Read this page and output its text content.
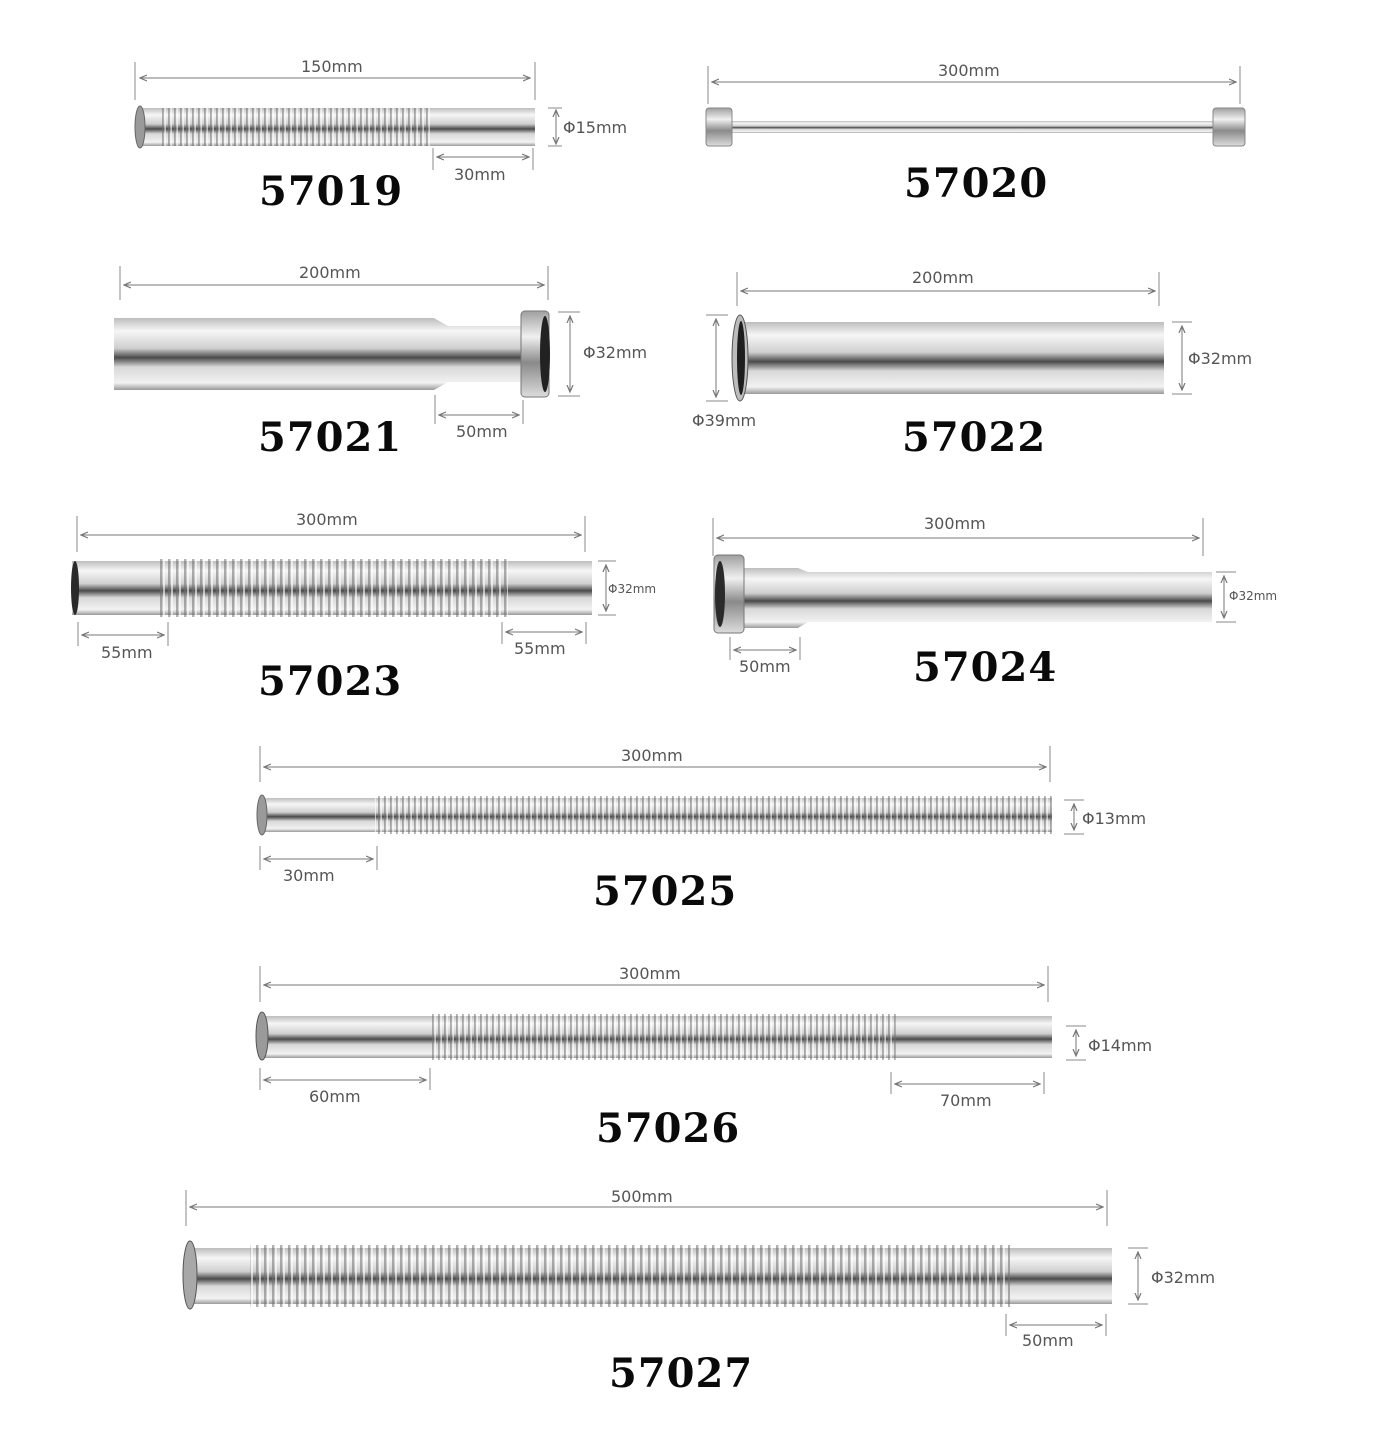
150mm
Φ15mm
30mm
57019
300mm
57020
200mm
Φ32mm
50mm
57021
200mm
Φ32mm
Φ39mm	57022
300mm
Φ32mm
55mm	55mm
57023
300mm
Φ32mm
50mm	57024
300mm
Φ13mm
30mm	57025
300mm
Φ14mm
60mm	70mm
57026
500mm
Φ32mm
50mm
57027
